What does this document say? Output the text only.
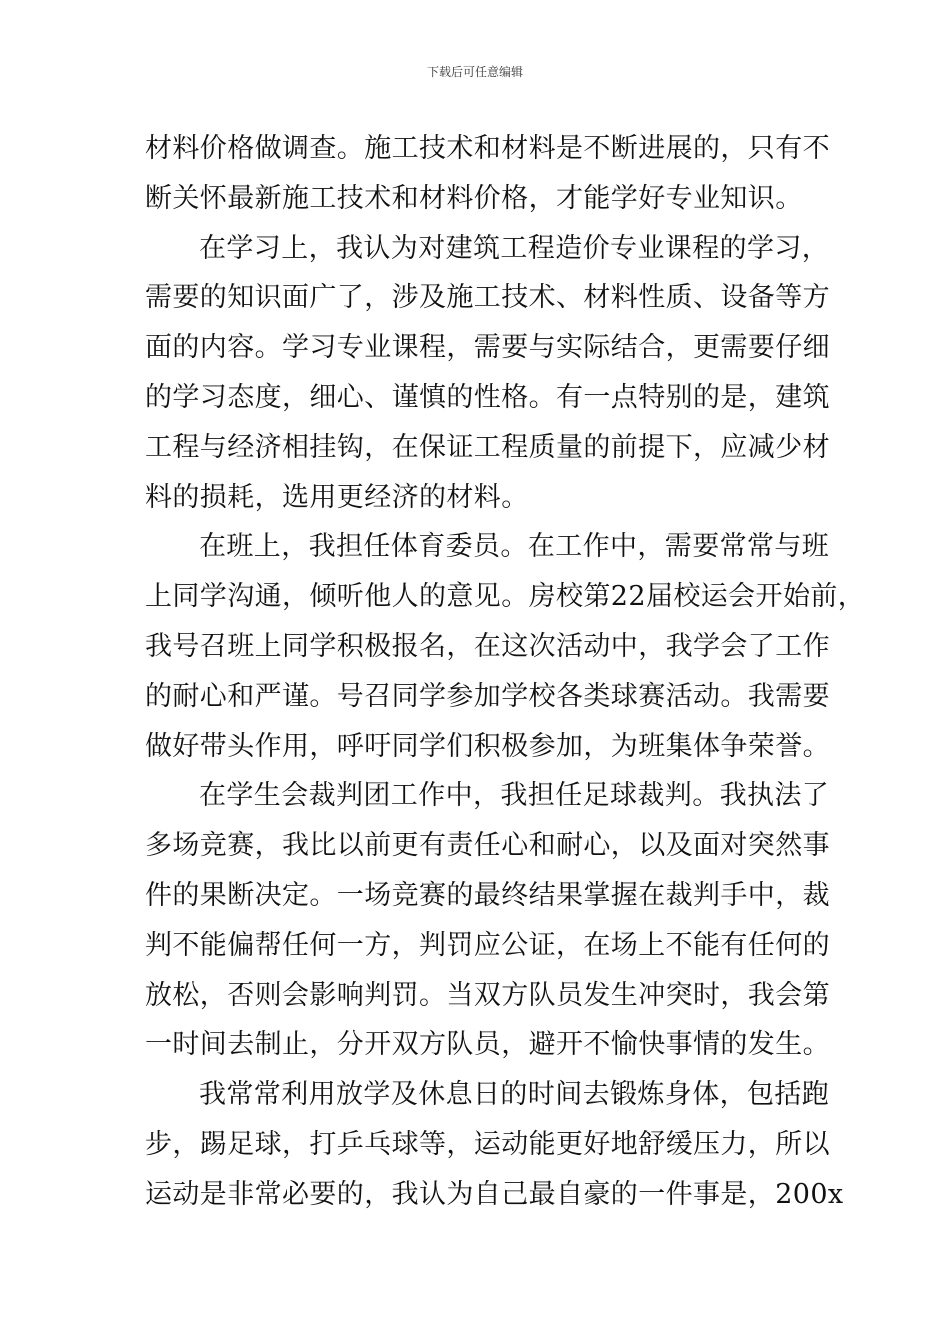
下载后可任意编辑
材料价格做调查。施工技术和材料是不断进展的，只有不
断关怀最新施工技术和材料价格，才能学好专业知识。
在学习上，我认为对建筑工程造价专业课程的学习，
需要的知识面广了，涉及施工技术、材料性质、设备等方
面的内容。学习专业课程，需要与实际结合，更需要仔细
的学习态度，细心、谨慎的性格。有一点特别的是，建筑
工程与经济相挂钩，在保证工程质量的前提下，应减少材
料的损耗，选用更经济的材料。
在班上，我担任体育委员。在工作中，需要常常与班
上同学沟通，倾听他人的意见。房校第22届校运会开始前，
我号召班上同学积极报名，在这次活动中，我学会了工作
的耐心和严谨。号召同学参加学校各类球赛活动。我需要
做好带头作用，呼吁同学们积极参加，为班集体争荣誉。
在学生会裁判团工作中，我担任足球裁判。我执法了
多场竞赛，我比以前更有责任心和耐心，以及面对突然事
件的果断决定。一场竞赛的最终结果掌握在裁判手中，裁
判不能偏帮任何一方，判罚应公证，在场上不能有任何的
放松，否则会影响判罚。当双方队员发生冲突时，我会第
一时间去制止，分开双方队员，避开不愉快事情的发生。
我常常利用放学及休息日的时间去锻炼身体，包括跑
步，踢足球，打乒乓球等，运动能更好地舒缓压力，所以
运动是非常必要的，我认为自己最自豪的一件事是，200x
